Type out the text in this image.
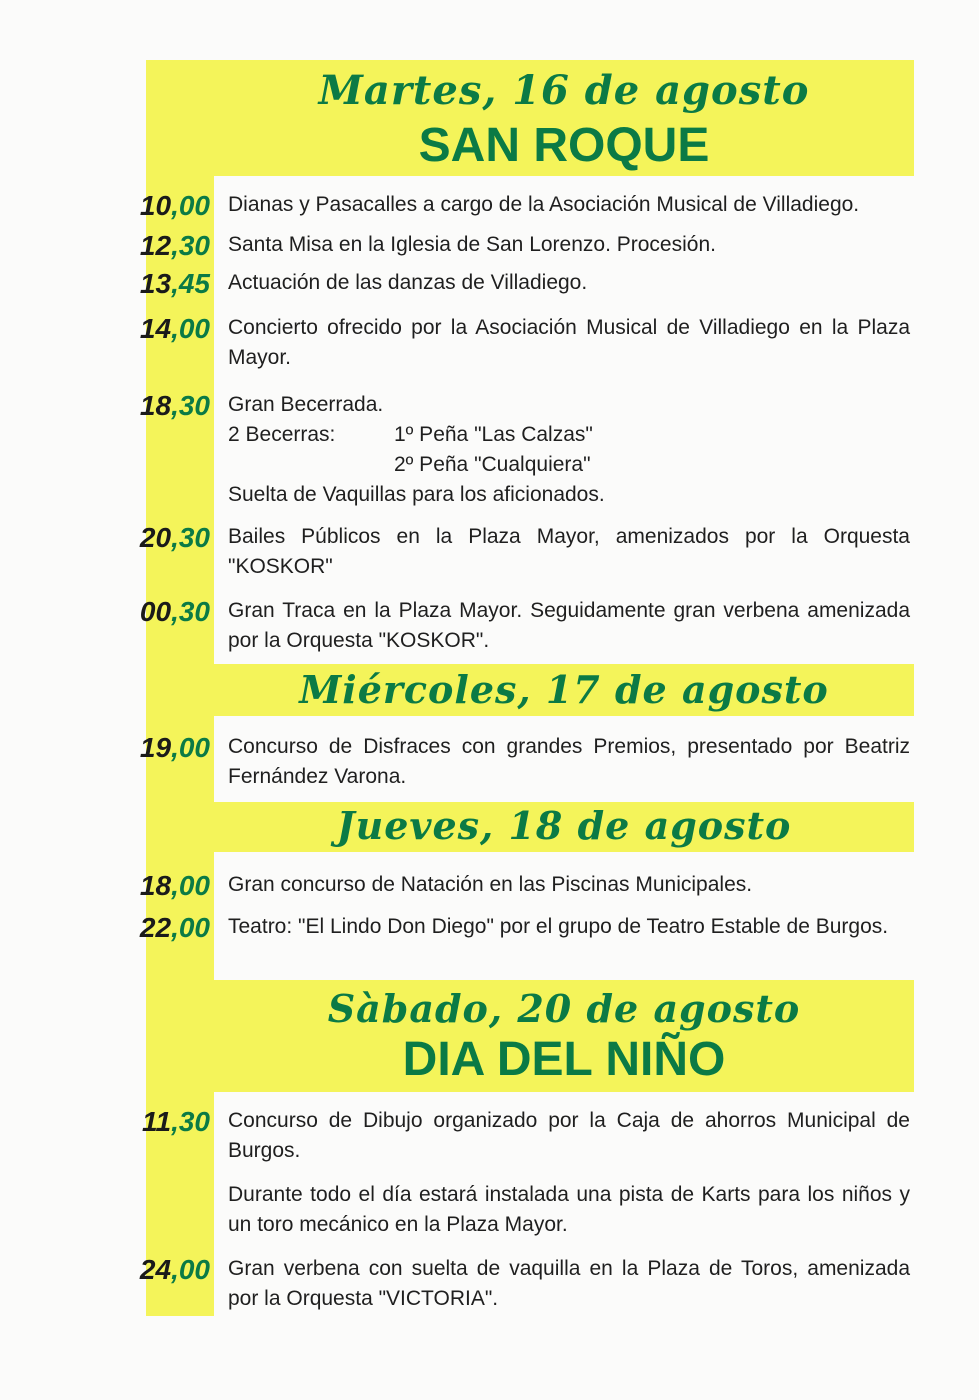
Martes, 16 de agosto
SAN ROQUE
10,00 Dianas y Pasacalles a cargo de la Asociación Musical de Villadiego.
12,30 Santa Misa en la Iglesia de San Lorenzo. Procesión.
13,45 Actuación de las danzas de Villadiego.
14,00 Concierto ofrecido por la Asociación Musical de Villadiego en la Plaza Mayor.
18,30 Gran Becerrada.

2 Becerras:	1º Peña "Las Calzas"
2º Peña "Cualquiera"

Suelta de Vaquillas para los aficionados.

20,30 Bailes Públicos en la Plaza Mayor, amenizados por la Orquesta "KOSKOR"
00,30 Gran Traca en la Plaza Mayor. Seguidamente gran verbena amenizada por la Orquesta "KOSKOR".
Miércoles, 17 de agosto
19,00 Concurso de Disfraces con grandes Premios, presentado por Beatriz Fernández Varona.
Jueves, 18 de agosto
18,00 Gran concurso de Natación en las Piscinas Municipales.
22,00 Teatro: "El Lindo Don Diego" por el grupo de Teatro Estable de Burgos.
Sàbado, 20 de agosto
DIA DEL NIÑO
11,30 Concurso de Dibujo organizado por la Caja de ahorros Municipal de Burgos.

Durante todo el día estará instalada una pista de Karts para los niños y un toro mecánico en la Plaza Mayor.

24,00 Gran verbena con suelta de vaquilla en la Plaza de Toros, amenizada por la Orquesta "VICTORIA".
